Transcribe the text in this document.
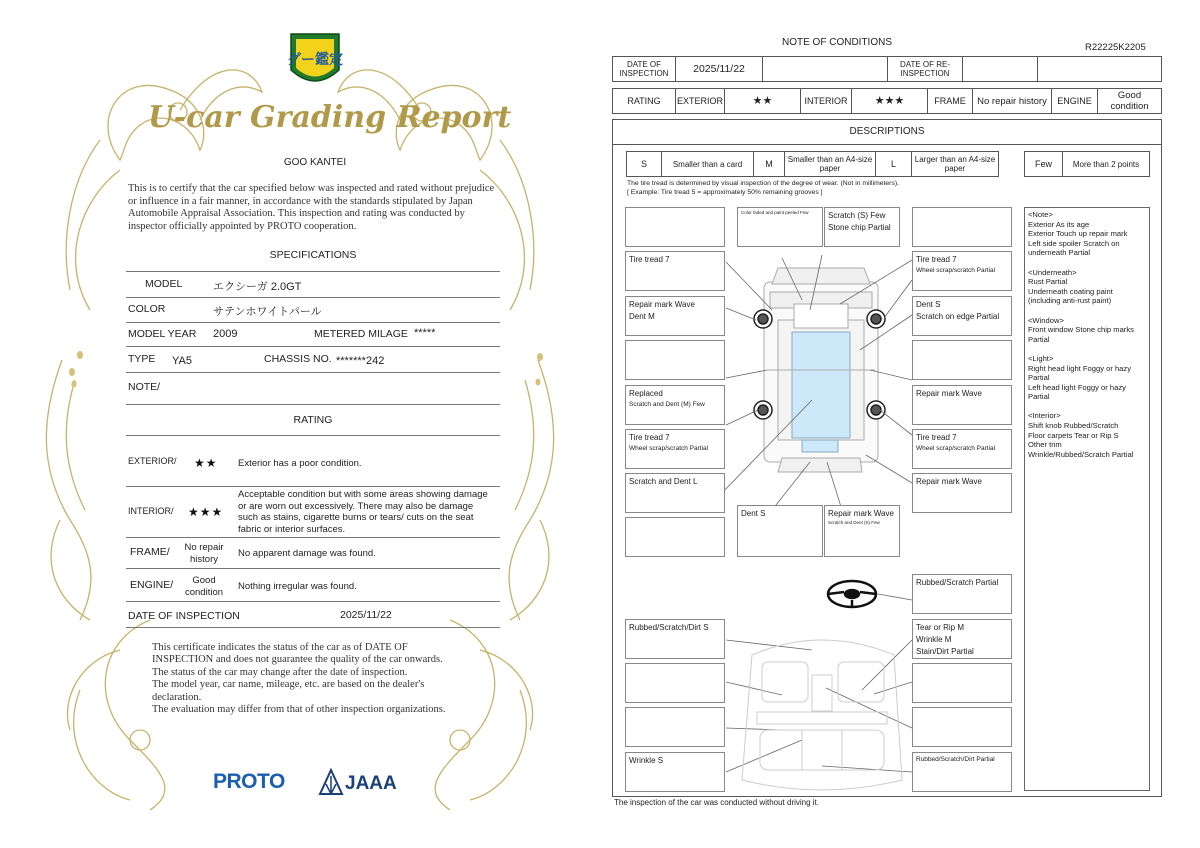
グー鑑定
U-car Grading Report
GOO KANTEI
This is to certify that the car specified below was inspected and rated without prejudice or influence in a fair manner, in accordance with the standards stipulated by Japan Automobile Appraisal Association. This inspection and rating was conducted by inspector officially appointed by PROTO cooperation.
SPECIFICATIONS
MODEL	エクシーガ 2.0GT
COLOR	サテンホワイトパール
MODEL YEAR 2009	METERED MILAGE *****
TYPE YA5	CHASSIS NO. *******242
NOTE/
RATING
EXTERIOR/ ★★ Exterior has a poor condition.
INTERIOR/ ★★★
Acceptable condition but with some areas showing damage or are worn out excessively. There may also be damage such as stains, cigarette burns or tears/ cuts on the seat fabric or interior surfaces.
FRAME/	No repair history	No apparent damage was found.
ENGINE/	Good condition	Nothing irregular was found.
DATE OF INSPECTION	2025/11/22
This certificate indicates the status of the car as of DATE OF
INSPECTION and does not guarantee the quality of the car onwards.
The status of the car may change after the date of inspection.
The model year, car name, mileage, etc. are based on the dealer's
declaration.
The evaluation may differ from that of other inspection organizations.
PROTO	JAAA
NOTE OF CONDITIONS	R22225K2205
DATE OF INSPECTION	2025/11/22	DATE OF RE-INSPECTION
RATING	EXTERIOR	★★	INTERIOR	★★★	FRAME	No repair history	ENGINE	Good condition
DESCRIPTIONS
S	Smaller than a card	M	Smaller than an A4-size paper	L	Larger than an A4-size paper	Few	More than 2 points
The tire tread is determined by visual inspection of the degree of wear. (Not in millimeters).
[ Example: Tire tread 5 = approximately 50% remaining grooves ]
Tire tread 7
Repair mark Wave
Dent M
Replaced
Scratch and Dent (M) Few
Tire tread 7
Wheel scrap/scratch Partial
Scratch and Dent L
Color faded and paint peeled Few	Scratch (S) Few
Stone chip Partial
Tire tread 7
Wheel scrap/scratch Partial
Dent S
Scratch on edge Partial
Repair mark Wave
Tire tread 7
Wheel scrap/scratch Partial
Repair mark Wave
Dent S	Repair mark Wave
Scratch and Dent (S) Few
Rubbed/Scratch Partial
Rubbed/Scratch/Dirt S	Tear or Rip M
Wrinkle M
Stain/Dirt Partial
Wrinkle S	Rubbed/Scratch/Dirt Partial

<Note>
Exterior As its age
Exterior Touch up repair mark
Left side spoiler Scratch on underneath Partial

<Underneath>
Rust Partial
Underneath coating paint (including anti-rust paint)

<Window>
Front window Stone chip marks Partial

<Light>
Right head light Foggy or hazy Partial
Left head light Foggy or hazy Partial

<Interior>
Shift knob Rubbed/Scratch
Floor carpets Tear or Rip S
Other trim
Wrinkle/Rubbed/Scratch Partial

The inspection of the car was conducted without driving it.
